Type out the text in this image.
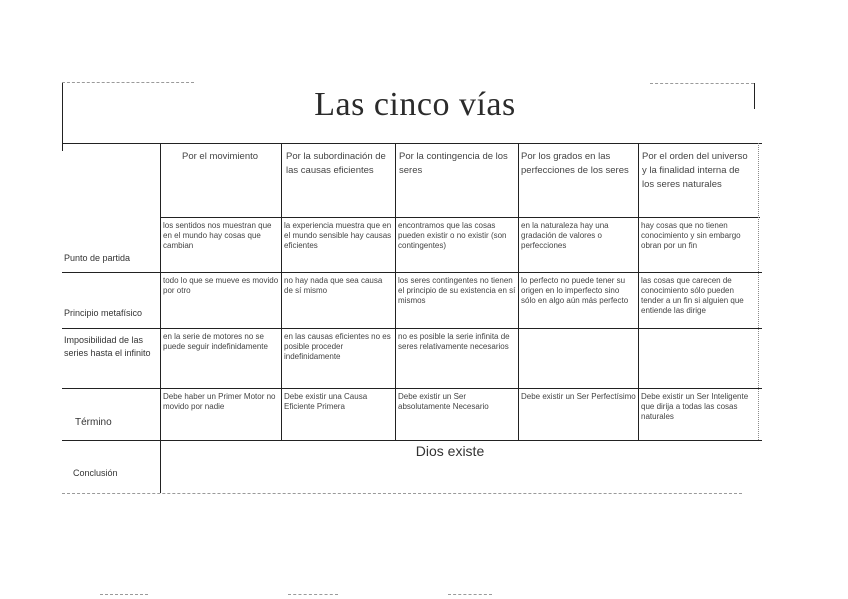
Las cinco vías
Por el movimiento	Por la subordinación de las causas eficientes
Por la contingencia de los seres
Por los grados en las perfecciones de los seres
Por el orden del universo y la finalidad interna de los seres naturales
Punto de partida
Principio metafísico
Imposibilidad de las series hasta el infinito
Término
Conclusión
los sentidos nos muestran que en el mundo hay cosas que cambian
la experiencia muestra que en el mundo sensible hay causas eficientes
encontramos que las cosas pueden existir o no existir (son contingentes)
en la naturaleza hay una gradación de valores o perfecciones
hay cosas que no tienen conocimiento y sin embargo obran por un fin
todo lo que se mueve es movido por otro
no hay nada que sea causa de sí mismo
los seres contingentes no tienen el principio de su existencia en sí mismos
lo perfecto no puede tener su origen en lo imperfecto sino sólo en algo aún más perfecto
las cosas que carecen de conocimiento sólo pueden tender a un fin si alguien que entiende las dirige
en la serie de motores no se puede seguir indefinidamente
en las causas eficientes no es posible proceder indefinidamente
no es posible la serie infinita de seres relativamente necesarios
Debe haber un Primer Motor no movido por nadie
Debe existir una Causa Eficiente Primera
Debe existir un Ser absolutamente Necesario
Debe existir un Ser Perfectísimo Debe existir un Ser Inteligente que dirija a todas las cosas naturales
Dios existe
